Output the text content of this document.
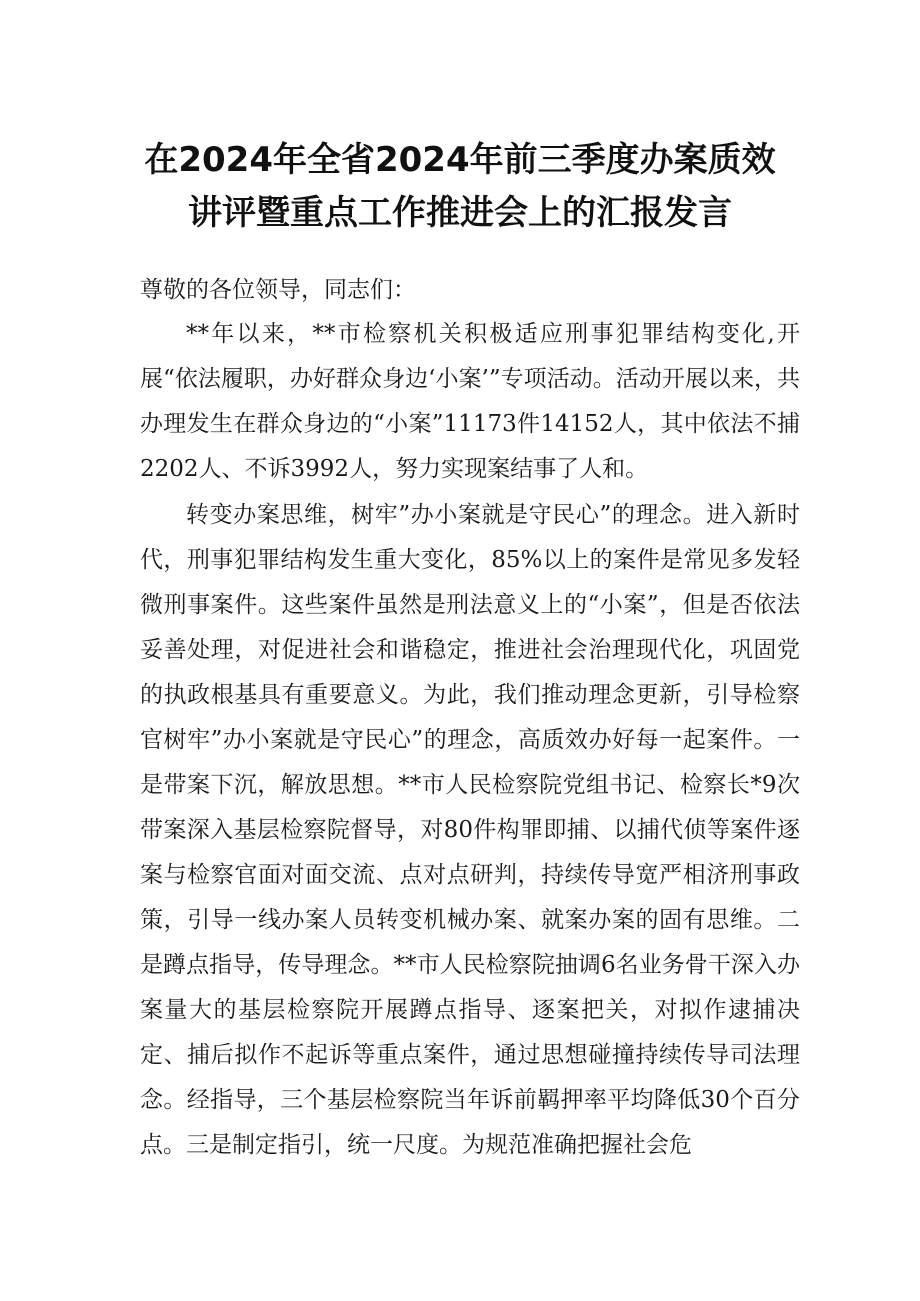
在2024年全省2024年前三季度办案质效
讲评暨重点工作推进会上的汇报发言

尊敬的各位领导，同志们：

**年以来，**市检察机关积极适应刑事犯罪结构变化,开展“依法履职，办好群众身边‘小案’”专项活动。活动开展以来，共办理发生在群众身边的“小案”11173件14152人，其中依法不捕2202人、不诉3992人，努力实现案结事了人和。

转变办案思维，树牢”办小案就是守民心”的理念。进入新时代，刑事犯罪结构发生重大变化，85%以上的案件是常见多发轻微刑事案件。这些案件虽然是刑法意义上的“小案”，但是否依法妥善处理，对促进社会和谐稳定，推进社会治理现代化，巩固党的执政根基具有重要意义。为此，我们推动理念更新，引导检察官树牢”办小案就是守民心”的理念，高质效办好每一起案件。一是带案下沉，解放思想。**市人民检察院党组书记、检察长*9次带案深入基层检察院督导，对80件构罪即捕、以捕代侦等案件逐案与检察官面对面交流、点对点研判，持续传导宽严相济刑事政策，引导一线办案人员转变机械办案、就案办案的固有思维。二是蹲点指导，传导理念。**市人民检察院抽调6名业务骨干深入办案量大的基层检察院开展蹲点指导、逐案把关，对拟作逮捕决定、捕后拟作不起诉等重点案件，通过思想碰撞持续传导司法理念。经指导，三个基层检察院当年诉前羁押率平均降低30个百分点。三是制定指引，统一尺度。为规范准确把握社会危
